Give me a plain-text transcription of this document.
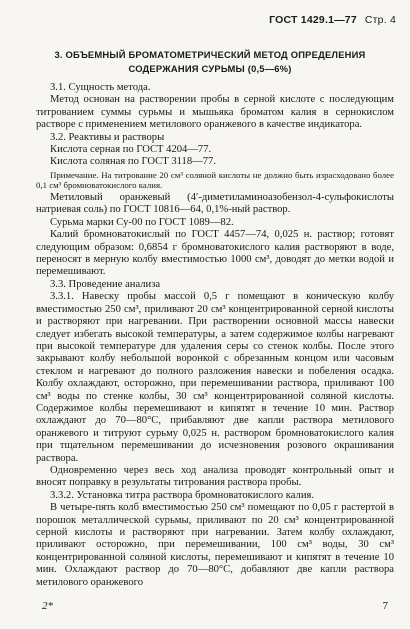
ГОСТ 1429.1—77 Стр. 4
3. ОБЪЕМНЫЙ БРОМАТОМЕТРИЧЕСКИЙ МЕТОД ОПРЕДЕЛЕНИЯ
СОДЕРЖАНИЯ СУРЬМЫ (0,5—6%)

3.1. Сущность метода.

Метод основан на растворении пробы в серной кислоте с последующим титрованием суммы сурьмы и мышьяка броматом калия в сернокислом растворе с применением метилового оранжевого в качестве индикатора.

3.2. Реактивы и растворы

Кислота серная по ГОСТ 4204—77.

Кислота соляная по ГОСТ 3118—77.

Примечание. На титрование 20 см³ соляной кислоты не должно быть израсходовано более 0,1 см³ бромноватокислого калия.

Метиловый оранжевый (4′-диметиламиноазобензол-4-сульфокислоты натриевая соль) по ГОСТ 10816—64, 0,1%-ный раствор.

Сурьма марки Су-00 по ГОСТ 1089—82.

Калий бромноватокислый по ГОСТ 4457—74, 0,025 н. раствор; готовят следующим образом: 0,6854 г бромноватокислого калия растворяют в воде, переносят в мерную колбу вместимостью 1000 см³, доводят до метки водой и перемешивают.

3.3. Проведение анализа

3.3.1. Навеску пробы массой 0,5 г помещают в коническую колбу вместимостью 250 см³, приливают 20 см³ концентрированной серной кислоты и растворяют при нагревании. При растворении основной массы навески следует избегать высокой температуры, а затем содержимое колбы нагревают при высокой температуре для удаления серы со стенок колбы. После этого закрывают колбу небольшой воронкой с обрезанным концом или часовым стеклом и нагревают до полного разложения навески и побеления осадка. Колбу охлаждают, осторожно, при перемешивании раствора, приливают 100 см³ воды по стенке колбы, 30 см³ концентрированной соляной кислоты. Содержимое колбы перемешивают и кипятят в течение 10 мин. Раствор охлаждают до 70—80°С, прибавляют две капли раствора метилового оранжевого и титруют сурьму 0,025 н. раствором бромноватокислого калия при тщательном перемешивании до исчезновения розового окрашивания раствора.

Одновременно через весь ход анализа проводят контрольный опыт и вносят поправку в результаты титрования раствора пробы.

3.3.2. Установка титра раствора бромноватокислого калия.

В четыре-пять колб вместимостью 250 см³ помещают по 0,05 г растертой в порошок металлической сурьмы, приливают по 20 см³ концентрированной серной кислоты и растворяют при нагревании. Затем колбу охлаждают, приливают осторожно, при перемешивании, 100 см³ воды, 30 см³ концентрированной соляной кислоты, перемешивают и кипятят в течение 10 мин. Охлаждают раствор до 70—80°С, добавляют две капли раствора метилового оранжевого

2*	7
